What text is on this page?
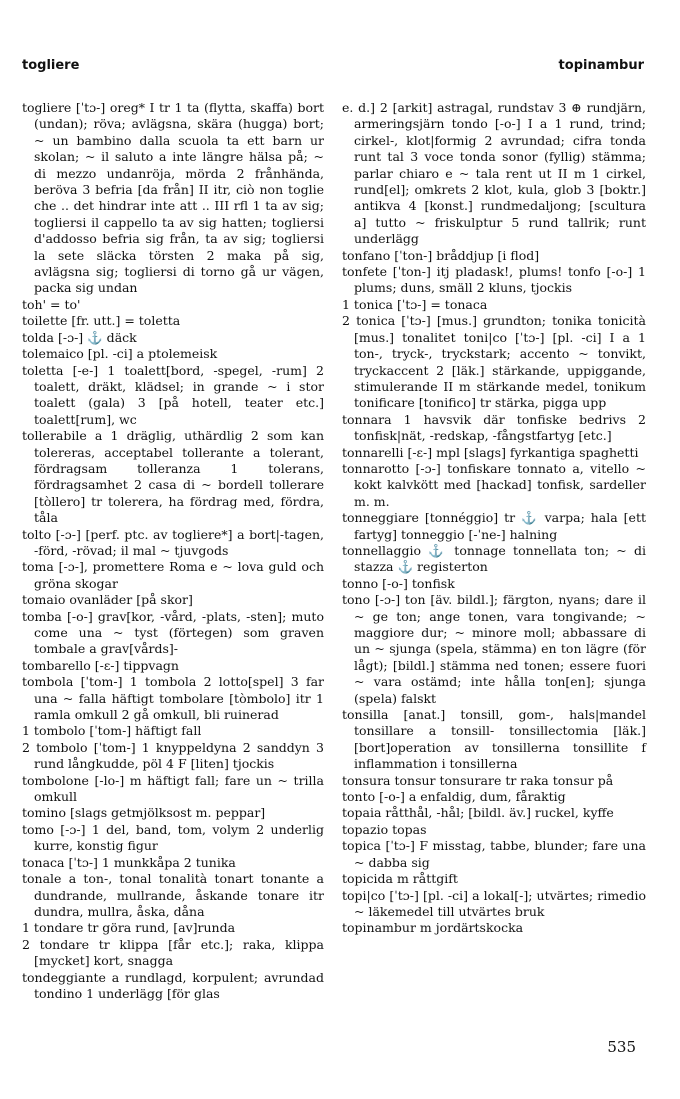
togliere	topinambur

togliere [ˈtɔ-] oreg* I tr 1 ta (flytta, skaffa) bort (undan); röva; avlägsna, skära (hugga) bort; ~ un bambino dalla scuola ta ett barn ur skolan; ~ il saluto a inte längre hälsa på; ~ di mezzo undanröja, mörda 2 frånhända, beröva 3 befria [da från] II itr, ciò non toglie che .. det hindrar inte att .. III rfl 1 ta av sig; togliersi il cappello ta av sig hatten; togliersi d'addosso befria sig från, ta av sig; togliersi la sete släcka törsten 2 maka på sig, avlägsna sig; togliersi di torno gå ur vägen, packa sig undan

toh' = to'

toilette [fr. utt.] = toletta

tolda [-ɔ-] ⚓ däck

tolemaico [pl. -ci] a ptolemeisk

toletta [-e-] 1 toalett[bord, -spegel, -rum] 2 toalett, dräkt, klädsel; in grande ~ i stor toalett (gala) 3 [på hotell, teater etc.] toalett[rum], wc

tollerabile a 1 dräglig, uthärdlig 2 som kan tolereras, acceptabel tollerante a tolerant, fördragsam tolleranza 1 tolerans, fördragsamhet 2 casa di ~ bordell tollerare [tòllero] tr tolerera, ha fördrag med, fördra, tåla

tolto [-ɔ-] [perf. ptc. av togliere*] a bort|-tagen, -förd, -rövad; il mal ~ tjuvgods

toma [-ɔ-], promettere Roma e ~ lova guld och gröna skogar

tomaio ovanläder [på skor]

tomba [-o-] grav[kor, -vård, -plats, -sten]; muto come una ~ tyst (förtegen) som graven tombale a grav[vårds]-

tombarello [-ɛ-] tippvagn

tombola [ˈtom-] 1 tombola 2 lotto[spel] 3 far una ~ falla häftigt tombolare [tòmbolo] itr 1 ramla omkull 2 gå omkull, bli ruinerad

1 tombolo [ˈtom-] häftigt fall

2 tombolo [ˈtom-] 1 knyppeldyna 2 sanddyn 3 rund långkudde, pöl 4 F [liten] tjockis

tombolone [-lo-] m häftigt fall; fare un ~ trilla omkull

tomino [slags getmjölksost m. peppar]

tomo [-ɔ-] 1 del, band, tom, volym 2 underlig kurre, konstig figur

tonaca [ˈtɔ-] 1 munkkåpa 2 tunika

tonale a ton-, tonal tonalità tonart tonante a dundrande, mullrande, åskande tonare itr dundra, mullra, åska, dåna

1 tondare tr göra rund, [av]runda

2 tondare tr klippa [får etc.]; raka, klippa [mycket] kort, snagga

tondeggiante a rundlagd, korpulent; avrundad tondino 1 underlägg [för glas

e. d.] 2 [arkit] astragal, rundstav 3 ⊕ rundjärn, armeringsjärn tondo [-o-] I a 1 rund, trind; cirkel-, klot|formig 2 avrundad; cifra tonda runt tal 3 voce tonda sonor (fyllig) stämma; parlar chiaro e ~ tala rent ut II m 1 cirkel, rund[el]; omkrets 2 klot, kula, glob 3 [boktr.] antikva 4 [konst.] rundmedaljong; [scultura a] tutto ~ friskulptur 5 rund tallrik; runt underlägg

tonfano [ˈton-] bråddjup [i flod]

tonfete [ˈton-] itj pladask!, plums! tonfo [-o-] 1 plums; duns, smäll 2 kluns, tjockis

1 tonica [ˈtɔ-] = tonaca

2 tonica [ˈtɔ-] [mus.] grundton; tonika tonicità [mus.] tonalitet toni|co [ˈtɔ-] [pl. -ci] I a 1 ton-, tryck-, tryckstark; accento ~ tonvikt, tryckaccent 2 [läk.] stärkande, uppiggande, stimulerande II m stärkande medel, tonikum tonificare [tonifico] tr stärka, pigga upp

tonnara 1 havsvik där tonfiske bedrivs 2 tonfisk|nät, -redskap, -fångstfartyg [etc.]

tonnarelli [-ɛ-] mpl [slags] fyrkantiga spaghetti

tonnarotto [-ɔ-] tonfiskare tonnato a, vitello ~ kokt kalvkött med [hackad] tonfisk, sardeller m. m.

tonneggiare [tonnéggio] tr ⚓ varpa; hala [ett fartyg] tonneggio [-ˈne-] halning

tonnellaggio ⚓ tonnage tonnellata ton; ~ di stazza ⚓ registerton

tonno [-o-] tonfisk

tono [-ɔ-] ton [äv. bildl.]; färgton, nyans; dare il ~ ge ton; ange tonen, vara tongivande; ~ maggiore dur; ~ minore moll; abbassare di un ~ sjunga (spela, stämma) en ton lägre (för lågt); [bildl.] stämma ned tonen; essere fuori ~ vara ostämd; inte hålla ton[en]; sjunga (spela) falskt

tonsilla [anat.] tonsill, gom-, hals|mandel tonsillare a tonsill- tonsillectomia [läk.] [bort]operation av tonsillerna tonsillite f inflammation i tonsillerna

tonsura tonsur tonsurare tr raka tonsur på

tonto [-o-] a enfaldig, dum, fåraktig

topaia råtthål, -hål; [bildl. äv.] ruckel, kyffe

topazio topas

topica [ˈtɔ-] F misstag, tabbe, blunder; fare una ~ dabba sig

topicida m råttgift

topi|co [ˈtɔ-] [pl. -ci] a lokal[-]; utvärtes; rimedio ~ läkemedel till utvärtes bruk

topinambur m jordärtskocka

535
